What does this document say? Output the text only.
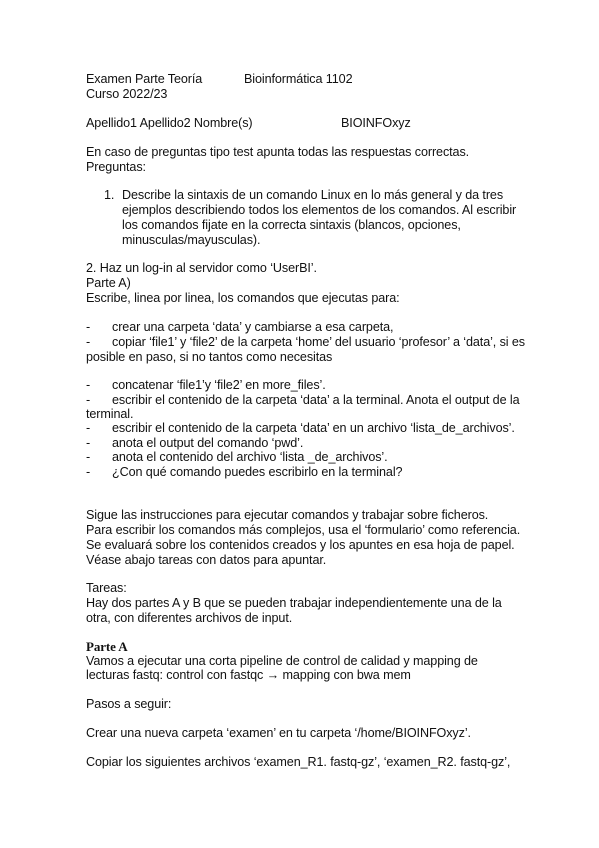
Examen Parte Teoría	Bioinformática 1102
Curso 2022/23
Apellido1 Apellido2 Nombre(s)	BIOINFOxyz
En caso de preguntas tipo test apunta todas las respuestas correctas.
Preguntas:
1. Describe la sintaxis de un comando Linux en lo más general y da tres
ejemplos describiendo todos los elementos de los comandos. Al escribir
los comandos fijate en la correcta sintaxis (blancos, opciones,
minusculas/mayusculas).
2. Haz un log-in al servidor como ‘UserBI’.
Parte A)
Escribe, linea por linea, los comandos que ejecutas para:
- crear una carpeta ‘data’ y cambiarse a esa carpeta,
- copiar ‘file1’ y ‘file2’ de la carpeta ‘home’ del usuario ‘profesor’ a ‘data’, si es
posible en paso, si no tantos como necesitas
- concatenar ‘file1’y ‘file2’ en more_files’.
- escribir el contenido de la carpeta ‘data’ a la terminal. Anota el output de la
terminal.
- escribir el contenido de la carpeta ‘data’ en un archivo ‘lista_de_archivos’.
- anota el output del comando ‘pwd’.
- anota el contenido del archivo ‘lista _de_archivos’.
- ¿Con qué comando puedes escribirlo en la terminal?
Sigue las instrucciones para ejecutar comandos y trabajar sobre ficheros.
Para escribir los comandos más complejos, usa el ‘formulario’ como referencia.
Se evaluará sobre los contenidos creados y los apuntes en esa hoja de papel.
Véase abajo tareas con datos para apuntar.
Tareas:
Hay dos partes A y B que se pueden trabajar independientemente una de la
otra, con diferentes archivos de input.
Parte A
Vamos a ejecutar una corta pipeline de control de calidad y mapping de
lecturas fastq: control con fastqc → mapping con bwa mem
Pasos a seguir:
Crear una nueva carpeta ‘examen’ en tu carpeta ‘/home/BIOINFOxyz’.
Copiar los siguientes archivos ‘examen_R1. fastq-gz’, ‘examen_R2. fastq-gz’,
